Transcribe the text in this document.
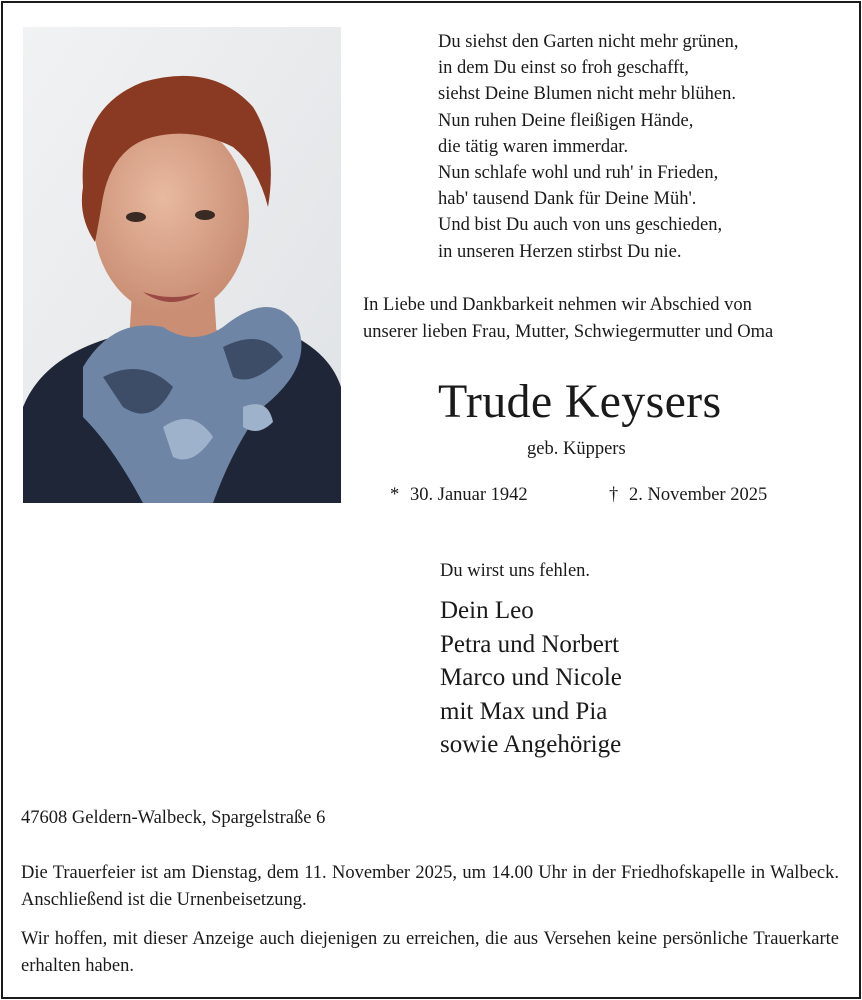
Du siehst den Garten nicht mehr grünen,
in dem Du einst so froh geschafft,
siehst Deine Blumen nicht mehr blühen.
Nun ruhen Deine fleißigen Hände,
die tätig waren immerdar.
Nun schlafe wohl und ruh' in Frieden,
hab' tausend Dank für Deine Müh'.
Und bist Du auch von uns geschieden,
in unseren Herzen stirbst Du nie.
In Liebe und Dankbarkeit nehmen wir Abschied von
unserer lieben Frau, Mutter, Schwiegermutter und Oma
Trude Keysers
geb. Küppers
* 30. Januar 1942	† 2. November 2025
Du wirst uns fehlen.
Dein Leo
Petra und Norbert
Marco und Nicole
mit Max und Pia
sowie Angehörige
47608 Geldern-Walbeck, Spargelstraße 6
Die Trauerfeier ist am Dienstag, dem 11. November 2025, um 14.00 Uhr in der Friedhofskapelle in Walbeck. Anschließend ist die Urnenbeisetzung.
Wir hoffen, mit dieser Anzeige auch diejenigen zu erreichen, die aus Versehen keine persönliche Trauerkarte erhalten haben.
